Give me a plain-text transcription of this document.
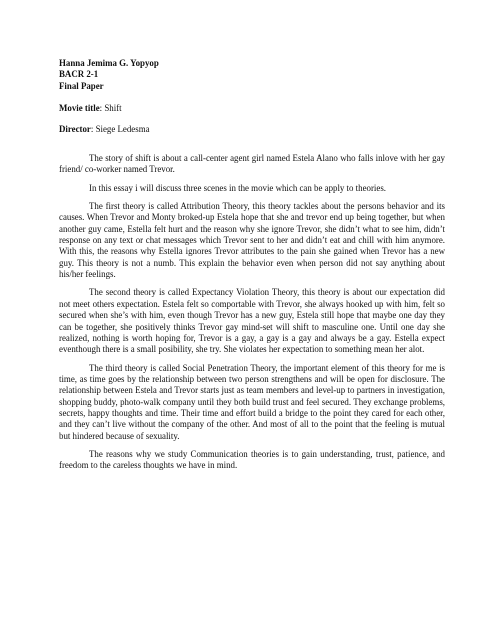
Hanna Jemima G. Yopyop
BACR 2-1
Final Paper
Movie title: Shift
Director: Siege Ledesma

The story of shift is about a call-center agent girl named Estela Alano who falls inlove with her gay friend/ co-worker named Trevor.

In this essay i will discuss three scenes in the movie which can be apply to theories.

The first theory is called Attribution Theory, this theory tackles about the persons behavior and its causes. When Trevor and Monty broked-up Estela hope that she and trevor end up being together, but when another guy came, Estella felt hurt and the reason why she ignore Trevor, she didn’t what to see him, didn’t response on any text or chat messages which Trevor sent to her and didn’t eat and chill with him anymore. With this, the reasons why Estella ignores Trevor attributes to the pain she gained when Trevor has a new guy. This theory is not a numb. This explain the behavior even when person did not say anything about his/her feelings.

The second theory is called Expectancy Violation Theory, this theory is about our expectation did not meet others expectation. Estela felt so comportable with Trevor, she always hooked up with him, felt so secured when she’s with him, even though Trevor has a new guy, Estela still hope that maybe one day they can be together, she positively thinks Trevor gay mind-set will shift to masculine one. Until one day she realized, nothing is worth hoping for, Trevor is a gay, a gay is a gay and always be a gay. Estella expect eventhough there is a small posibility, she try. She violates her expectation to something mean her alot.

The third theory is called Social Penetration Theory, the important element of this theory for me is time, as time goes by the relationship between two person strengthens and will be open for disclosure. The relationship between Estela and Trevor starts just as team members and level-up to partners in investigation, shopping buddy, photo-walk company until they both build trust and feel secured. They exchange problems, secrets, happy thoughts and time. Their time and effort build a bridge to the point they cared for each other, and they can’t live without the company of the other. And most of all to the point that the feeling is mutual but hindered because of sexuality.

The reasons why we study Communication theories is to gain understanding, trust, patience, and freedom to the careless thoughts we have in mind.
